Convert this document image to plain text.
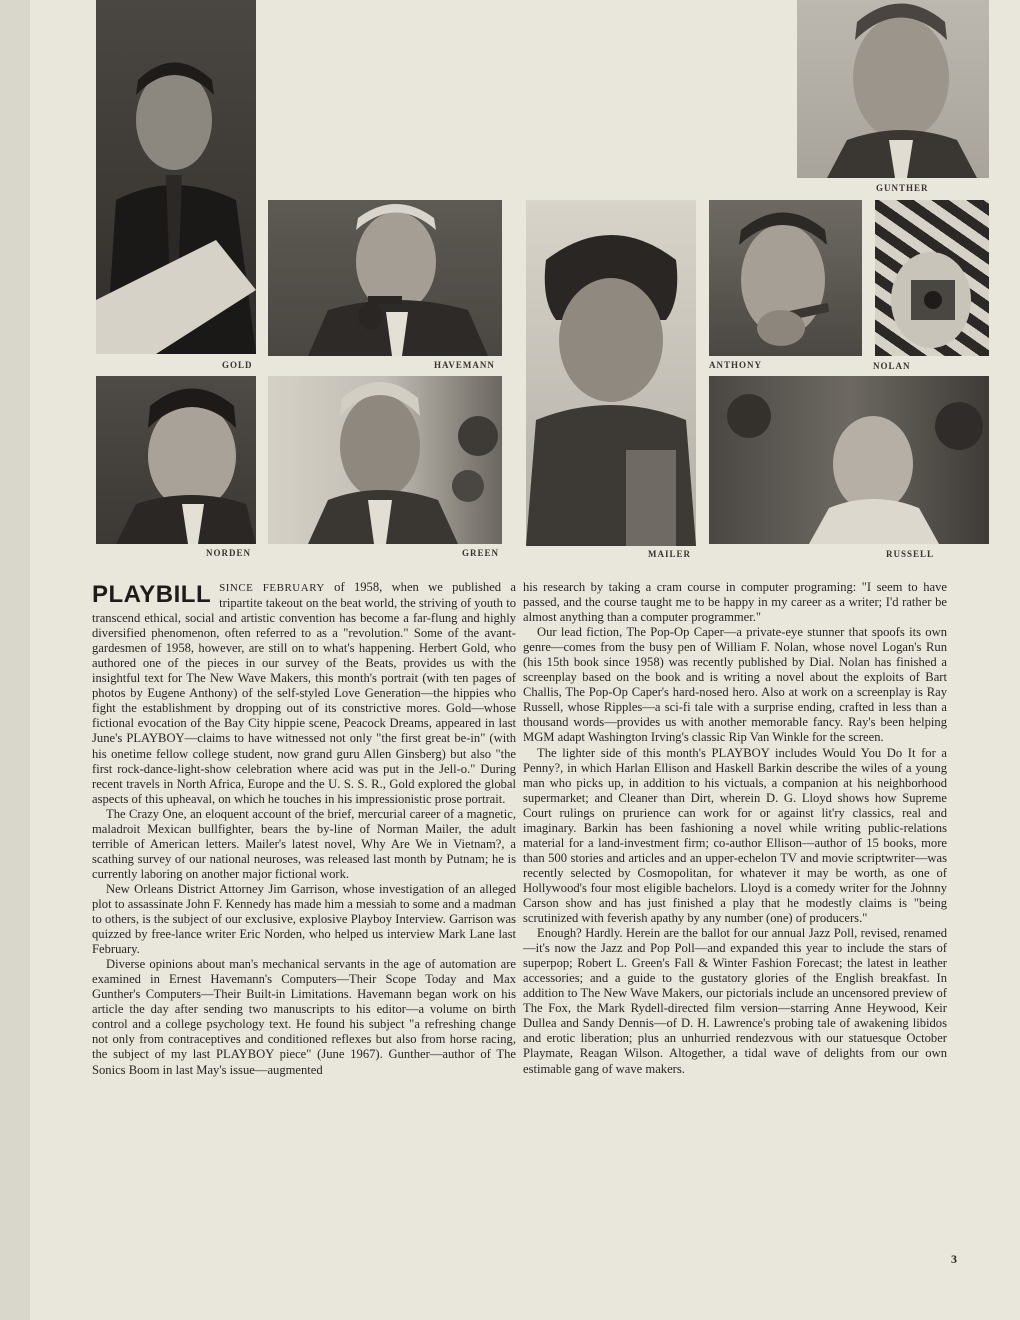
GUNTHER
GOLD	HAVEMANN	ANTHONY	NOLAN
NORDEN	GREEN	MAILER	RUSSELL
PLAYBILL SINCE FEBRUARY of 1958, when we published a tripartite takeout on the beat world, the striving of youth to transcend ethical, social and artistic convention has become a far-flung and highly diversified phenomenon, often referred to as a "revolution." Some of the avant-gardesmen of 1958, however, are still on to what's happening. Herbert Gold, who authored one of the pieces in our survey of the Beats, provides us with the insightful text for The New Wave Makers, this month's portrait (with ten pages of photos by Eugene Anthony) of the self-styled Love Generation—the hippies who fight the establishment by dropping out of its constrictive mores. Gold—whose fictional evocation of the Bay City hippie scene, Peacock Dreams, appeared in last June's PLAYBOY—claims to have witnessed not only "the first great be-in" (with his onetime fellow college student, now grand guru Allen Ginsberg) but also "the first rock-dance-light-show celebration where acid was put in the Jell-o." During recent travels in North Africa, Europe and the U. S. S. R., Gold explored the global aspects of this upheaval, on which he touches in his impressionistic prose portrait.

The Crazy One, an eloquent account of the brief, mercurial career of a magnetic, maladroit Mexican bullfighter, bears the by-line of Norman Mailer, the adult terrible of American letters. Mailer's latest novel, Why Are We in Vietnam?, a scathing survey of our national neuroses, was released last month by Putnam; he is currently laboring on another major fictional work.

New Orleans District Attorney Jim Garrison, whose investigation of an alleged plot to assassinate John F. Kennedy has made him a messiah to some and a madman to others, is the subject of our exclusive, explosive Playboy Interview. Garrison was quizzed by free-lance writer Eric Norden, who helped us interview Mark Lane last February.

Diverse opinions about man's mechanical servants in the age of automation are examined in Ernest Havemann's Computers—Their Scope Today and Max Gunther's Computers—Their Built-in Limitations. Havemann began work on his article the day after sending two manuscripts to his editor—a volume on birth control and a college psychology text. He found his subject "a refreshing change not only from contraceptives and conditioned reflexes but also from horse racing, the subject of my last PLAYBOY piece" (June 1967). Gunther—author of The Sonics Boom in last May's issue—augmented

his research by taking a cram course in computer programing: "I seem to have passed, and the course taught me to be happy in my career as a writer; I'd rather be almost anything than a computer programmer."

Our lead fiction, The Pop-Op Caper—a private-eye stunner that spoofs its own genre—comes from the busy pen of William F. Nolan, whose novel Logan's Run (his 15th book since 1958) was recently published by Dial. Nolan has finished a screenplay based on the book and is writing a novel about the exploits of Bart Challis, The Pop-Op Caper's hard-nosed hero. Also at work on a screenplay is Ray Russell, whose Ripples—a sci-fi tale with a surprise ending, crafted in less than a thousand words—provides us with another memorable fancy. Ray's been helping MGM adapt Washington Irving's classic Rip Van Winkle for the screen.

The lighter side of this month's PLAYBOY includes Would You Do It for a Penny?, in which Harlan Ellison and Haskell Barkin describe the wiles of a young man who picks up, in addition to his victuals, a companion at his neighborhood supermarket; and Cleaner than Dirt, wherein D. G. Lloyd shows how Supreme Court rulings on prurience can work for or against lit'ry classics, real and imaginary. Barkin has been fashioning a novel while writing public-relations material for a land-investment firm; co-author Ellison—author of 15 books, more than 500 stories and articles and an upper-echelon TV and movie scriptwriter—was recently selected by Cosmopolitan, for whatever it may be worth, as one of Hollywood's four most eligible bachelors. Lloyd is a comedy writer for the Johnny Carson show and has just finished a play that he modestly claims is "being scrutinized with feverish apathy by any number (one) of producers."

Enough? Hardly. Herein are the ballot for our annual Jazz Poll, revised, renamed—it's now the Jazz and Pop Poll—and expanded this year to include the stars of superpop; Robert L. Green's Fall & Winter Fashion Forecast; the latest in leather accessories; and a guide to the gustatory glories of the English breakfast. In addition to The New Wave Makers, our pictorials include an uncensored preview of The Fox, the Mark Rydell-directed film version—starring Anne Heywood, Keir Dullea and Sandy Dennis—of D. H. Lawrence's probing tale of awakening libidos and erotic liberation; plus an unhurried rendezvous with our statuesque October Playmate, Reagan Wilson. Altogether, a tidal wave of delights from our own estimable gang of wave makers.

3
